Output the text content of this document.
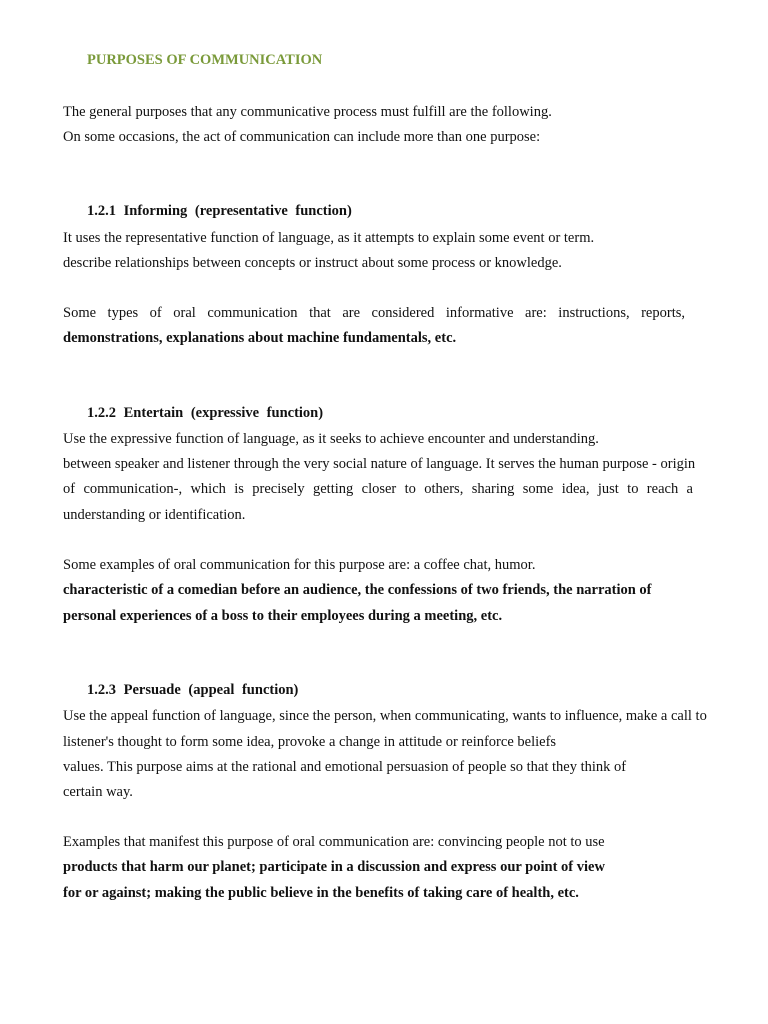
PURPOSES OF COMMUNICATION
The general purposes that any communicative process must fulfill are the following.
On some occasions, the act of communication can include more than one purpose:
1.2.1 Informing (representative function)
It uses the representative function of language, as it attempts to explain some event or term.
describe relationships between concepts or instruct about some process or knowledge.
Some types of oral communication that are considered informative are: instructions, reports,
demonstrations, explanations about machine fundamentals, etc.
1.2.2 Entertain (expressive function)
Use the expressive function of language, as it seeks to achieve encounter and understanding.
between speaker and listener through the very social nature of language. It serves the human purpose - origin
of communication-, which is precisely getting closer to others, sharing some idea, just to reach a
understanding or identification.
Some examples of oral communication for this purpose are: a coffee chat, humor.
characteristic of a comedian before an audience, the confessions of two friends, the narration of
personal experiences of a boss to their employees during a meeting, etc.
1.2.3 Persuade (appeal function)
Use the appeal function of language, since the person, when communicating, wants to influence, make a call to
listener's thought to form some idea, provoke a change in attitude or reinforce beliefs
values. This purpose aims at the rational and emotional persuasion of people so that they think of
certain way.
Examples that manifest this purpose of oral communication are: convincing people not to use
products that harm our planet; participate in a discussion and express our point of view
for or against; making the public believe in the benefits of taking care of health, etc.
